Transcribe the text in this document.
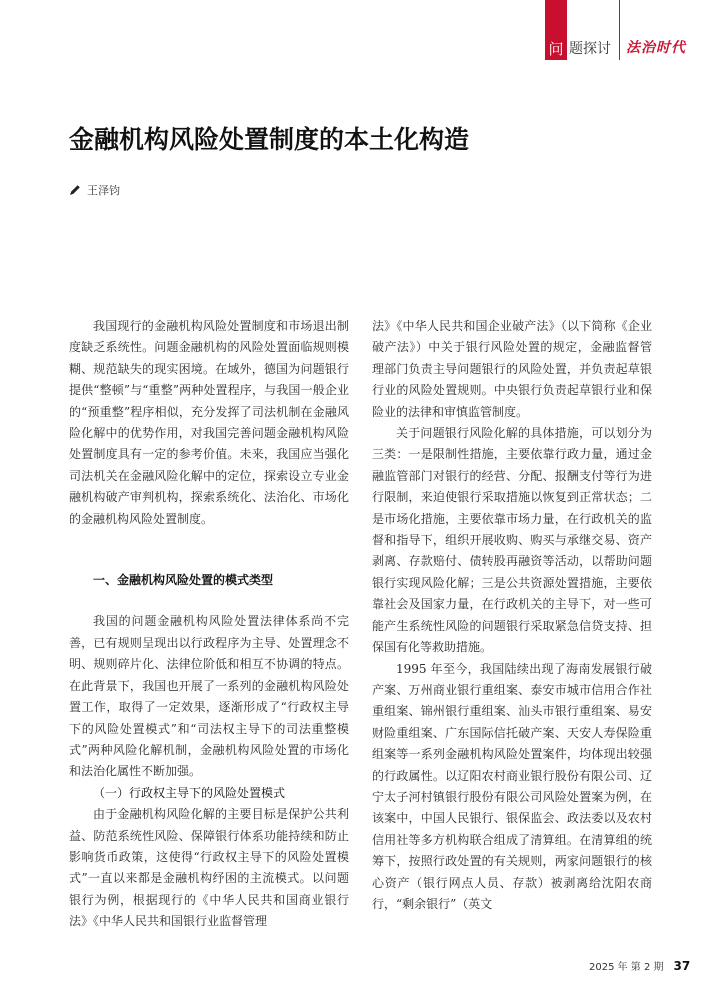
问 题探讨 法治时代
金融机构风险处置制度的本土化构造
王泽钧

我国现行的金融机构风险处置制度和市场退出制度缺乏系统性。问题金融机构的风险处置面临规则模糊、规范缺失的现实困境。在域外，德国为问题银行提供“整顿”与“重整”两种处置程序，与我国一般企业的“预重整”程序相似，充分发挥了司法机制在金融风险化解中的优势作用，对我国完善问题金融机构风险处置制度具有一定的参考价值。未来，我国应当强化司法机关在金融风险化解中的定位，探索设立专业金融机构破产审判机构，探索系统化、法治化、市场化的金融机构风险处置制度。

一、金融机构风险处置的模式类型

我国的问题金融机构风险处置法律体系尚不完善，已有规则呈现出以行政程序为主导、处置理念不明、规则碎片化、法律位阶低和相互不协调的特点。在此背景下，我国也开展了一系列的金融机构风险处置工作，取得了一定效果，逐渐形成了“行政权主导下的风险处置模式”和“司法权主导下的司法重整模式”两种风险化解机制，金融机构风险处置的市场化和法治化属性不断加强。

（一）行政权主导下的风险处置模式

由于金融机构风险化解的主要目标是保护公共利益、防范系统性风险、保障银行体系功能持续和防止影响货币政策，这使得“行政权主导下的风险处置模式”一直以来都是金融机构纾困的主流模式。以问题银行为例，根据现行的《中华人民共和国商业银行法》《中华人民共和国银行业监督管理

法》《中华人民共和国企业破产法》（以下简称《企业破产法》）中关于银行风险处置的规定，金融监督管理部门负责主导问题银行的风险处置，并负责起草银行业的风险处置规则。中央银行负责起草银行业和保险业的法律和审慎监管制度。

关于问题银行风险化解的具体措施，可以划分为三类：一是限制性措施，主要依靠行政力量，通过金融监管部门对银行的经营、分配、报酬支付等行为进行限制，来迫使银行采取措施以恢复到正常状态；二是市场化措施，主要依靠市场力量，在行政机关的监督和指导下，组织开展收购、购买与承继交易、资产剥离、存款赔付、债转股再融资等活动，以帮助问题银行实现风险化解；三是公共资源处置措施，主要依靠社会及国家力量，在行政机关的主导下，对一些可能产生系统性风险的问题银行采取紧急信贷支持、担保国有化等救助措施。

1995 年至今，我国陆续出现了海南发展银行破产案、万州商业银行重组案、泰安市城市信用合作社重组案、锦州银行重组案、汕头市银行重组案、易安财险重组案、广东国际信托破产案、天安人寿保险重组案等一系列金融机构风险处置案件，均体现出较强的行政属性。以辽阳农村商业银行股份有限公司、辽宁太子河村镇银行股份有限公司风险处置案为例，在该案中，中国人民银行、银保监会、政法委以及农村信用社等多方机构联合组成了清算组。在清算组的统筹下，按照行政处置的有关规则，两家问题银行的核心资产（银行网点人员、存款）被剥离给沈阳农商行，“剩余银行”（英文

2025 年 第 2 期 37
